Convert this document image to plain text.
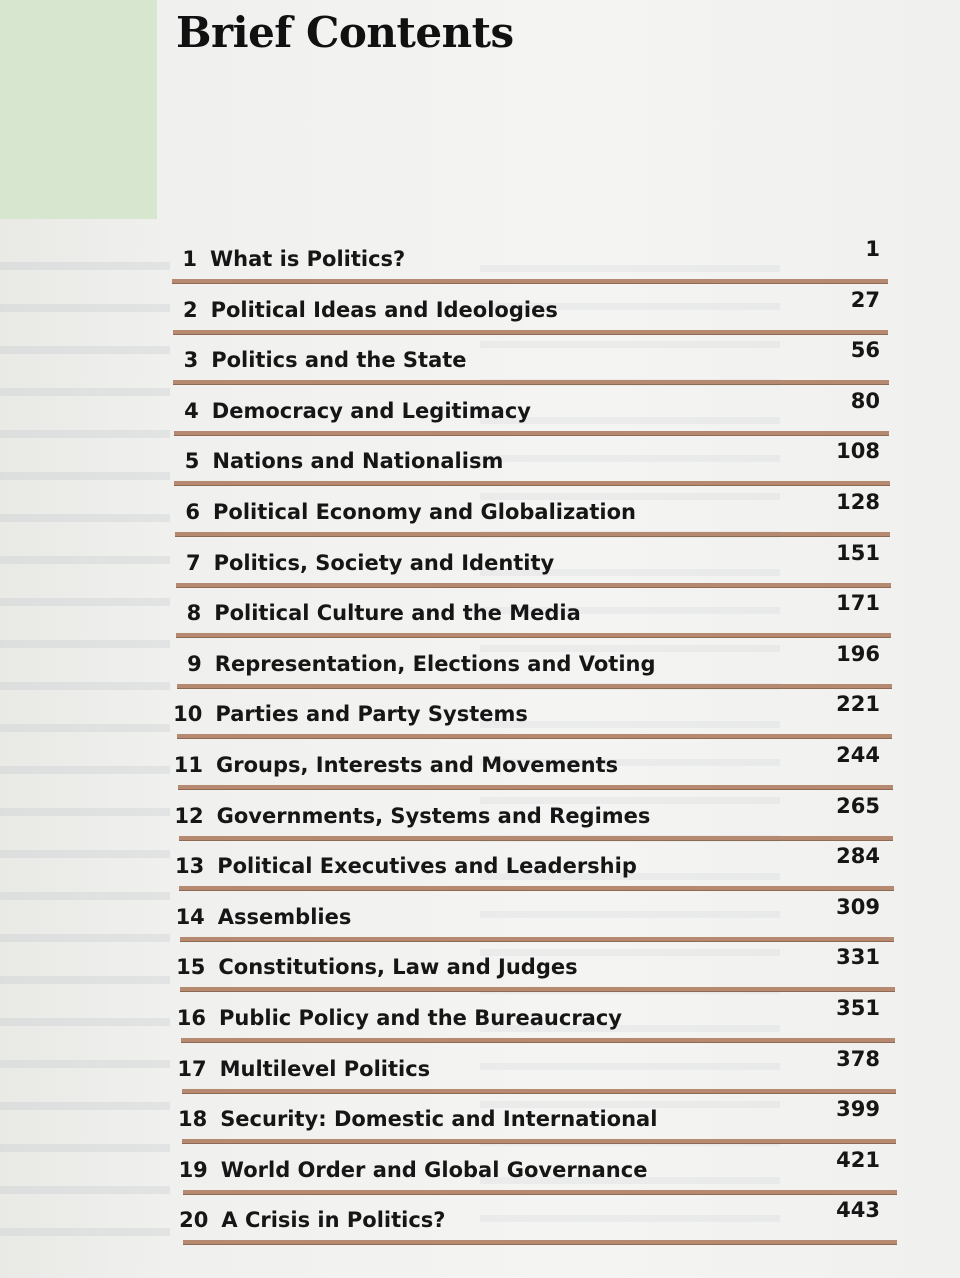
Brief Contents
1 What is Politics?	1
2 Political Ideas and Ideologies	27
3 Politics and the State	56
4 Democracy and Legitimacy	80
5 Nations and Nationalism	108
6 Political Economy and Globalization	128
7 Politics, Society and Identity	151
8 Political Culture and the Media	171
9 Representation, Elections and Voting	196
10 Parties and Party Systems	221
11 Groups, Interests and Movements	244
12 Governments, Systems and Regimes	265
13 Political Executives and Leadership	284
14 Assemblies	309
15 Constitutions, Law and Judges	331
16 Public Policy and the Bureaucracy	351
17 Multilevel Politics	378
18 Security: Domestic and International	399
19 World Order and Global Governance	421
20 A Crisis in Politics?	443
